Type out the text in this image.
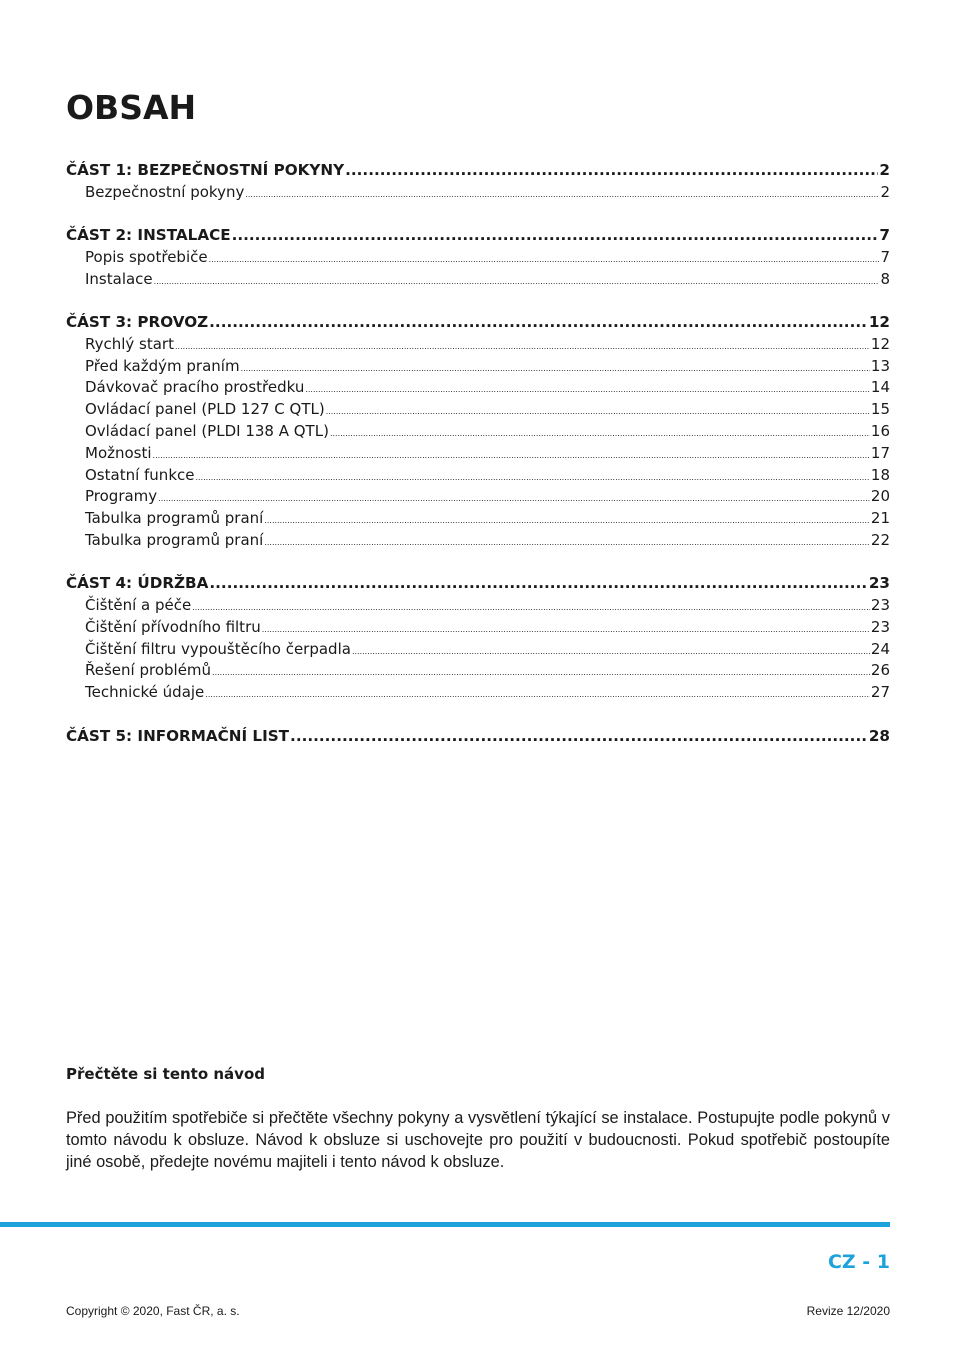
OBSAH
ČÁST 1: BEZPEČNOSTNÍ POKYNY .....	2
Bezpečnostní pokyny .....	2
ČÁST 2: INSTALACE .....	7
Popis spotřebiče .....	7
Instalace .....	8
ČÁST 3: PROVOZ .....	12
Rychlý start .....	12
Před každým praním .....	13
Dávkovač pracího prostředku .....	14
Ovládací panel (PLD 127 C QTL) .....	15
Ovládací panel (PLDI 138 A QTL) .....	16
Možnosti .....	17
Ostatní funkce .....	18
Programy .....	20
Tabulka programů praní .....	21
Tabulka programů praní .....	22
ČÁST 4: ÚDRŽBA .....	23
Čištění a péče .....	23
Čištění přívodního filtru .....	23
Čištění filtru vypouštěcího čerpadla .....	24
Řešení problémů .....	26
Technické údaje .....	27
ČÁST 5: INFORMAČNÍ LIST .....	28
Přečtěte si tento návod

Před použitím spotřebiče si přečtěte všechny pokyny a vysvětlení týkající se instalace. Postupujte podle pokynů v tomto návodu k obsluze. Návod k obsluze si uschovejte pro použití v budoucnosti. Pokud spotřebič postoupíte jiné osobě, předejte novému majiteli i tento návod k obsluze.

CZ - 1
Copyright © 2020, Fast ČR, a. s.	Revize 12/2020
